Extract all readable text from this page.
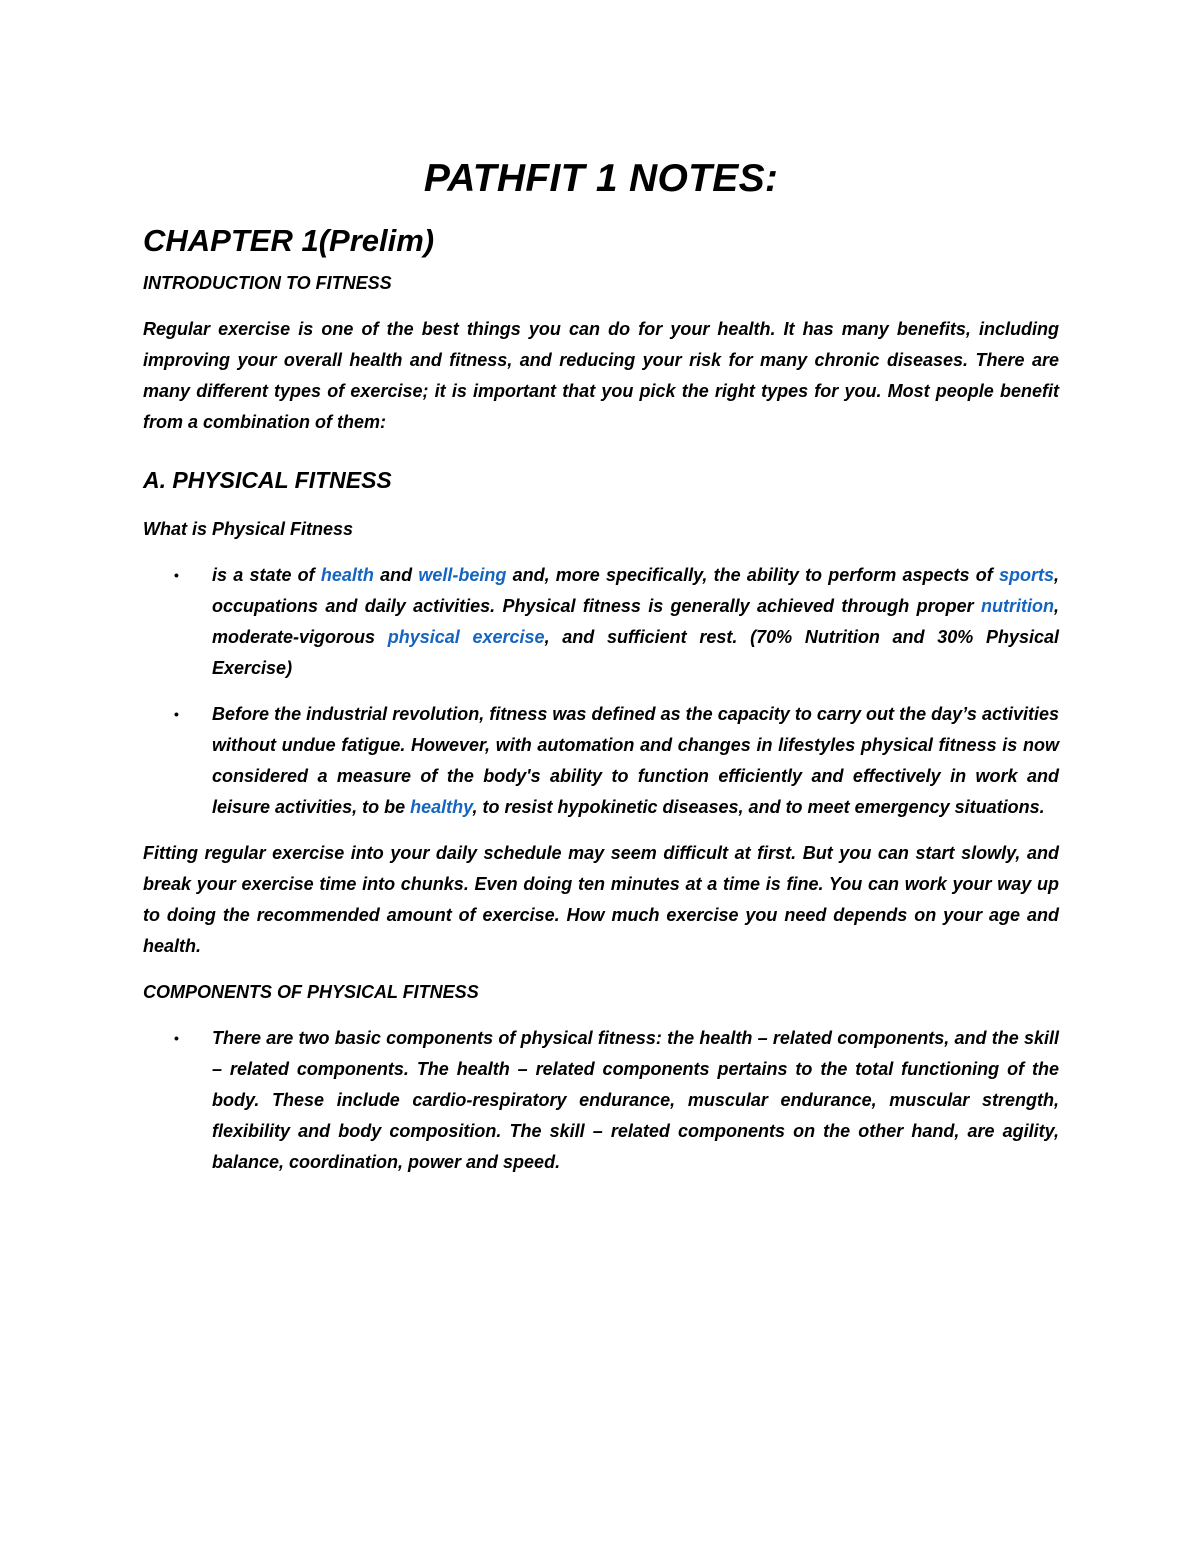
PATHFIT 1 NOTES:
CHAPTER 1(Prelim)

INTRODUCTION TO FITNESS

Regular exercise is one of the best things you can do for your health. It has many benefits, including improving your overall health and fitness, and reducing your risk for many chronic diseases. There are many different types of exercise; it is important that you pick the right types for you. Most people benefit from a combination of them:

A. PHYSICAL FITNESS

What is Physical Fitness

• is a state of health and well-being and, more specifically, the ability to perform aspects of sports, occupations and daily activities. Physical fitness is generally achieved through proper nutrition, moderate-vigorous physical exercise, and sufficient rest. (70% Nutrition and 30% Physical Exercise)
• Before the industrial revolution, fitness was defined as the capacity to carry out the day’s activities without undue fatigue. However, with automation and changes in lifestyles physical fitness is now considered a measure of the body's ability to function efficiently and effectively in work and leisure activities, to be healthy, to resist hypokinetic diseases, and to meet emergency situations.

Fitting regular exercise into your daily schedule may seem difficult at first. But you can start slowly, and break your exercise time into chunks. Even doing ten minutes at a time is fine. You can work your way up to doing the recommended amount of exercise. How much exercise you need depends on your age and health.

COMPONENTS OF PHYSICAL FITNESS

• There are two basic components of physical fitness: the health – related components, and the skill – related components. The health – related components pertains to the total functioning of the body. These include cardio-respiratory endurance, muscular endurance, muscular strength, flexibility and body composition. The skill – related components on the other hand, are agility, balance, coordination, power and speed.
